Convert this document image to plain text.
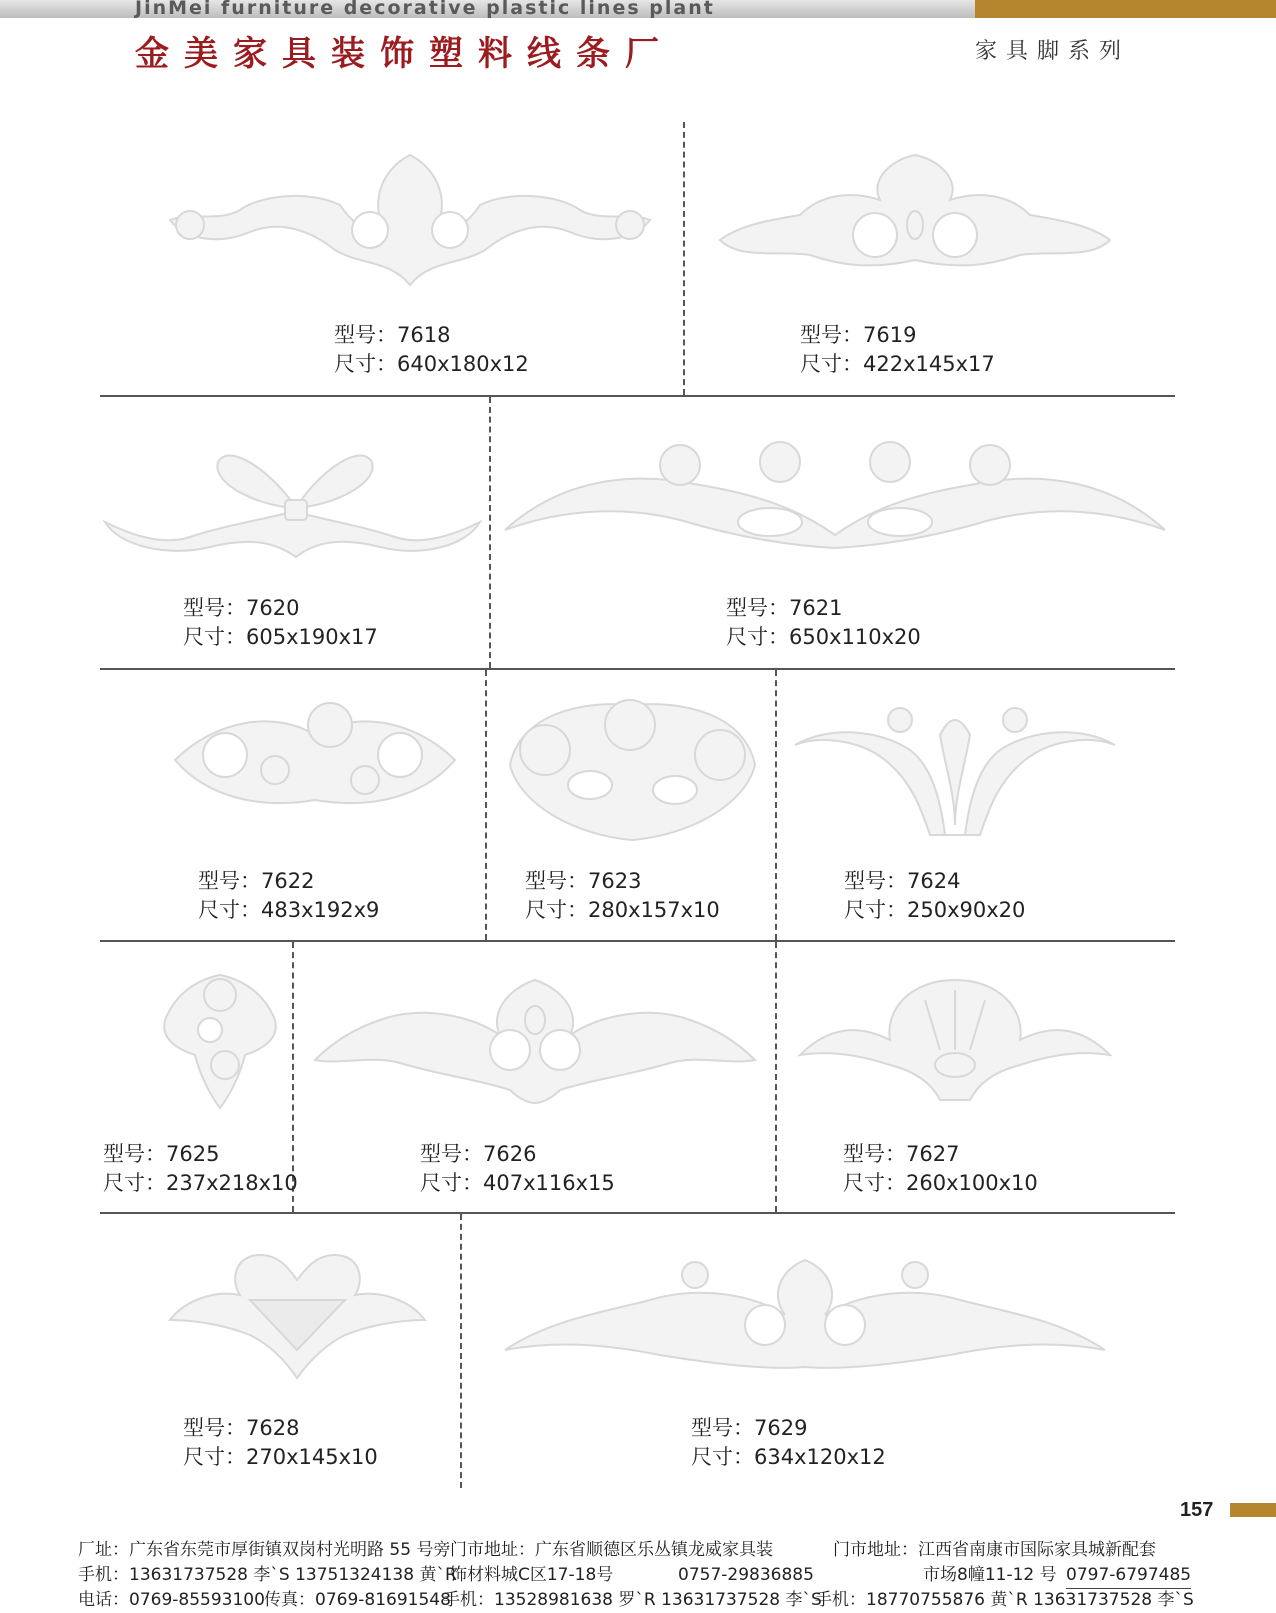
JinMei furniture decorative plastic lines plant
金美家具装饰塑料线条厂	家具脚系列
型号：7618
尺寸：640x180x12
型号：7619
尺寸：422x145x17
型号：7620
尺寸：605x190x17
型号：7621
尺寸：650x110x20
型号：7622
尺寸：483x192x9
型号：7623
尺寸：280x157x10
型号：7624
尺寸：250x90x20
型号：7625
尺寸：237x218x10
型号：7626
尺寸：407x116x15
型号：7627
尺寸：260x100x10
型号：7628
尺寸：270x145x10
型号：7629
尺寸：634x120x12
157
厂址：广东省东莞市厚街镇双岗村光明路 55 号旁 门市地址：广东省顺德区乐丛镇龙威家具装	门市地址：江西省南康市国际家具城新配套
手机：13631737528 李`S 13751324138 黄`R
饰材料城C区17-18号	0757-29836885	市场8幢11-12 号 0797-6797485
电话：0769-85593100 传真：0769-81691548
手机：13528981638 罗`R 13631737528 李`S
手机：18770755876 黄`R 13631737528 李`S
